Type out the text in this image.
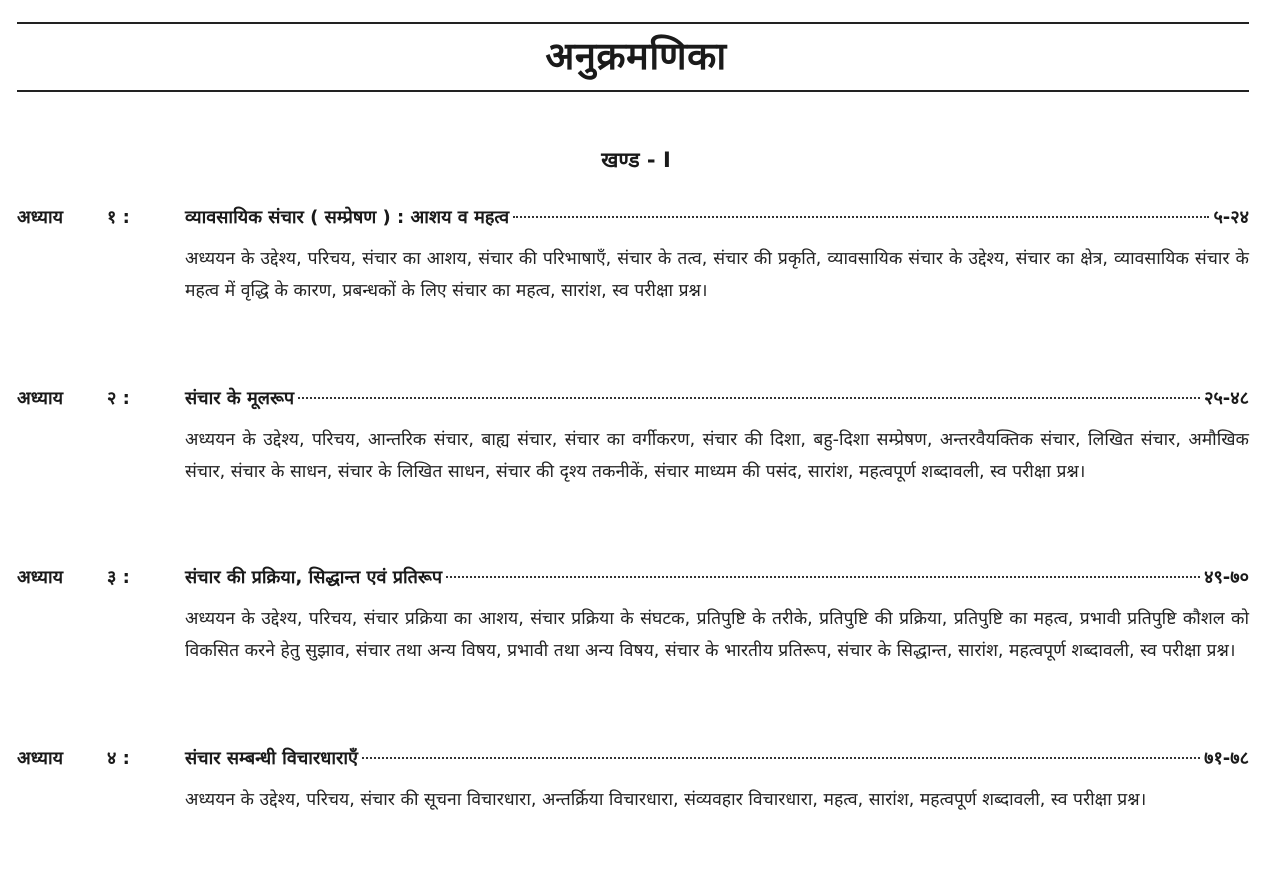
अनुक्रमणिका
खण्ड - I
अध्याय १ :	व्यावसायिक संचार ( सम्प्रेषण ) : आशय व महत्व	५-२४
अध्ययन के उद्देश्य, परिचय, संचार का आशय, संचार की परिभाषाएँ, संचार के तत्व, संचार की प्रकृति, व्यावसायिक संचार के उद्देश्य, संचार का क्षेत्र, व्यावसायिक संचार के महत्व में वृद्धि के कारण, प्रबन्धकों के लिए संचार का महत्व, सारांश, स्व परीक्षा प्रश्न।
अध्याय २ :	संचार के मूलरूप	२५-४८
अध्ययन के उद्देश्य, परिचय, आन्तरिक संचार, बाह्य संचार, संचार का वर्गीकरण, संचार की दिशा, बहु-दिशा सम्प्रेषण, अन्तरवैयक्तिक संचार, लिखित संचार, अमौखिक संचार, संचार के साधन, संचार के लिखित साधन, संचार की दृश्य तकनीकें, संचार माध्यम की पसंद, सारांश, महत्वपूर्ण शब्दावली, स्व परीक्षा प्रश्न।
अध्याय ३ :	संचार की प्रक्रिया, सिद्धान्त एवं प्रतिरूप	४९-७०
अध्ययन के उद्देश्य, परिचय, संचार प्रक्रिया का आशय, संचार प्रक्रिया के संघटक, प्रतिपुष्टि के तरीके, प्रतिपुष्टि की प्रक्रिया, प्रतिपुष्टि का महत्व, प्रभावी प्रतिपुष्टि कौशल को विकसित करने हेतु सुझाव, संचार तथा अन्य विषय, प्रभावी तथा अन्य विषय, संचार के भारतीय प्रतिरूप, संचार के सिद्धान्त, सारांश, महत्वपूर्ण शब्दावली, स्व परीक्षा प्रश्न।
अध्याय ४ :	संचार सम्बन्धी विचारधाराएँ	७१-७८
अध्ययन के उद्देश्य, परिचय, संचार की सूचना विचारधारा, अन्तर्क्रिया विचारधारा, संव्यवहार विचारधारा, महत्व, सारांश, महत्वपूर्ण शब्दावली, स्व परीक्षा प्रश्न।
